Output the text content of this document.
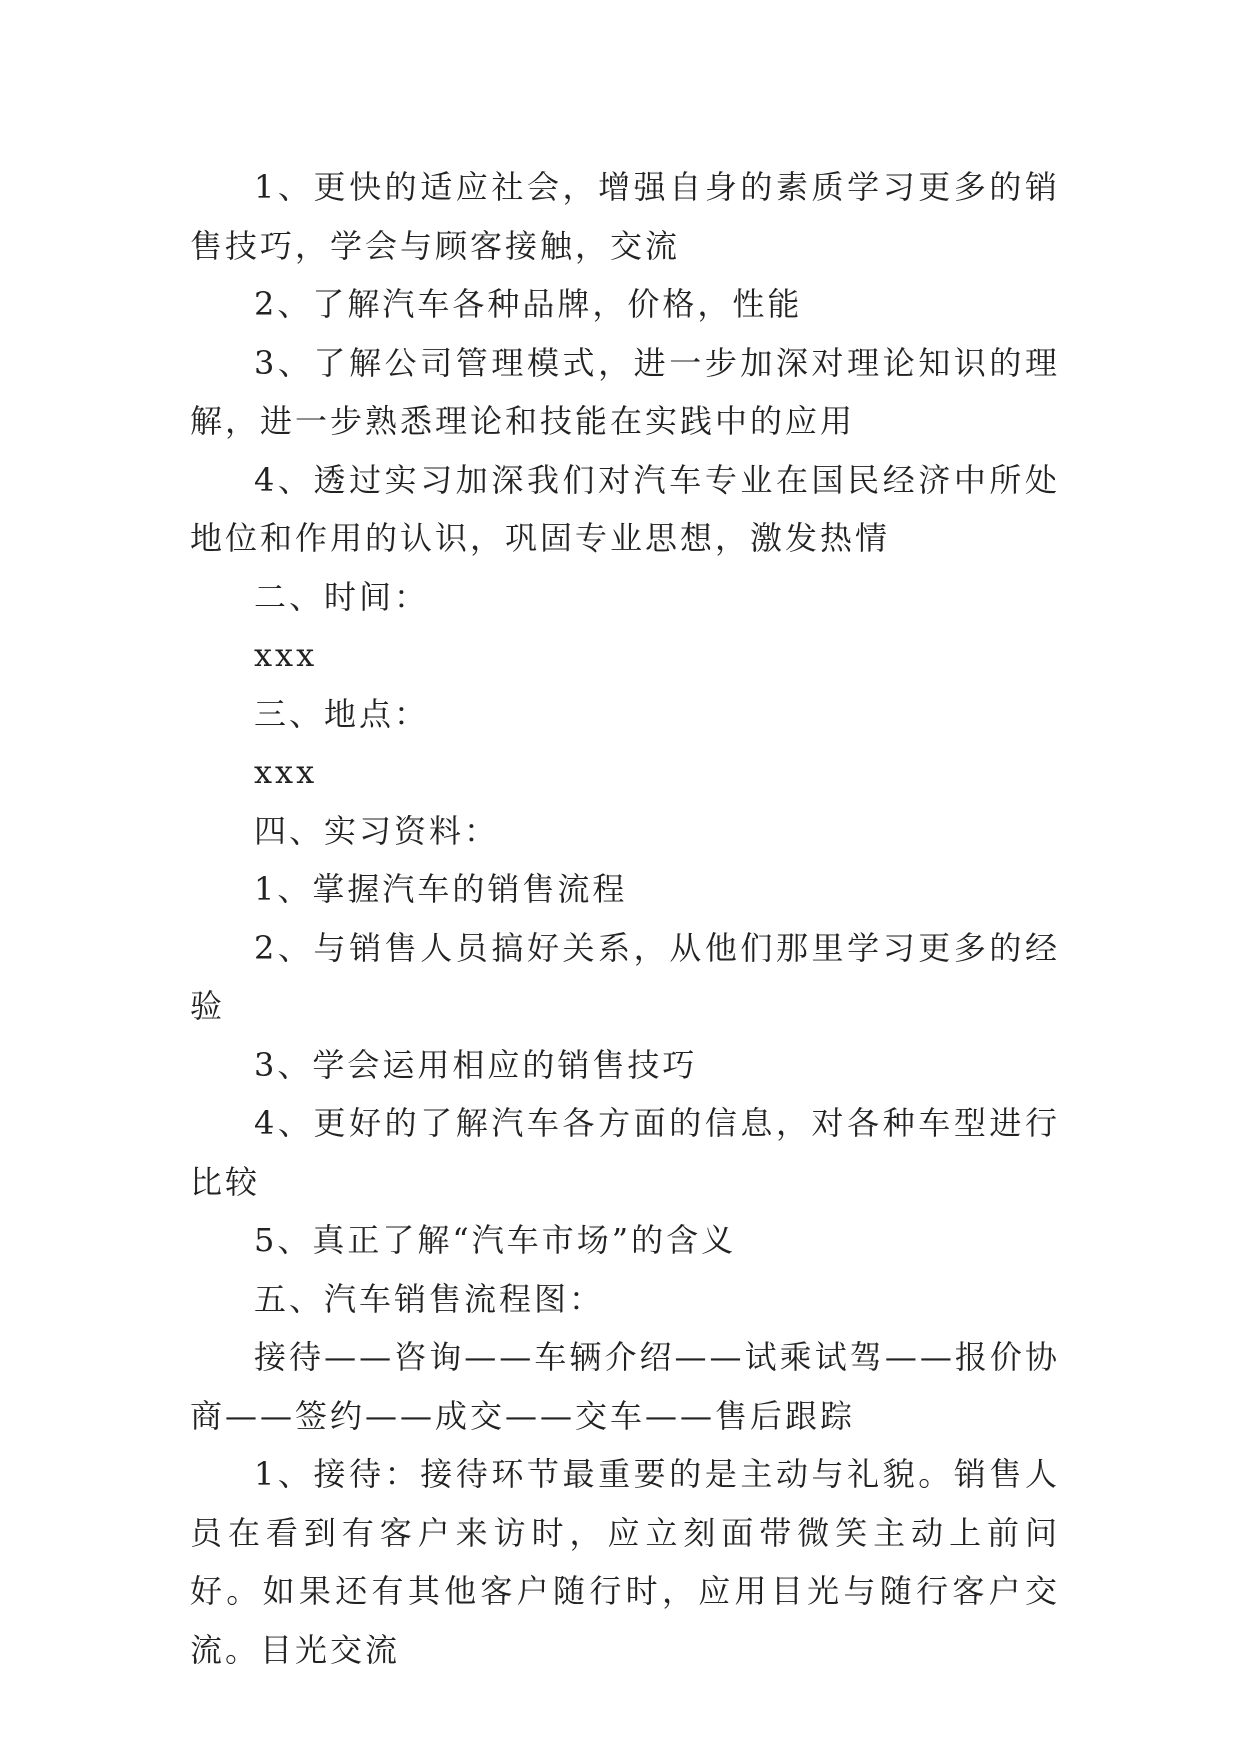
1、更快的适应社会，增强自身的素质学习更多的销售技巧，学会与顾客接触，交流

2、了解汽车各种品牌，价格，性能

3、了解公司管理模式，进一步加深对理论知识的理解，进一步熟悉理论和技能在实践中的应用

4、透过实习加深我们对汽车专业在国民经济中所处地位和作用的认识，巩固专业思想，激发热情

二、时间：

xxx

三、地点：

xxx

四、实习资料：

1、掌握汽车的销售流程

2、与销售人员搞好关系，从他们那里学习更多的经验

3、学会运用相应的销售技巧

4、更好的了解汽车各方面的信息，对各种车型进行比较

5、真正了解“汽车市场”的含义

五、汽车销售流程图：

接待——咨询——车辆介绍——试乘试驾——报价协商——签约——成交——交车——售后跟踪

1、接待：接待环节最重要的是主动与礼貌。销售人员在看到有客户来访时，应立刻面带微笑主动上前问好。如果还有其他客户随行时，应用目光与随行客户交流。目光交流
